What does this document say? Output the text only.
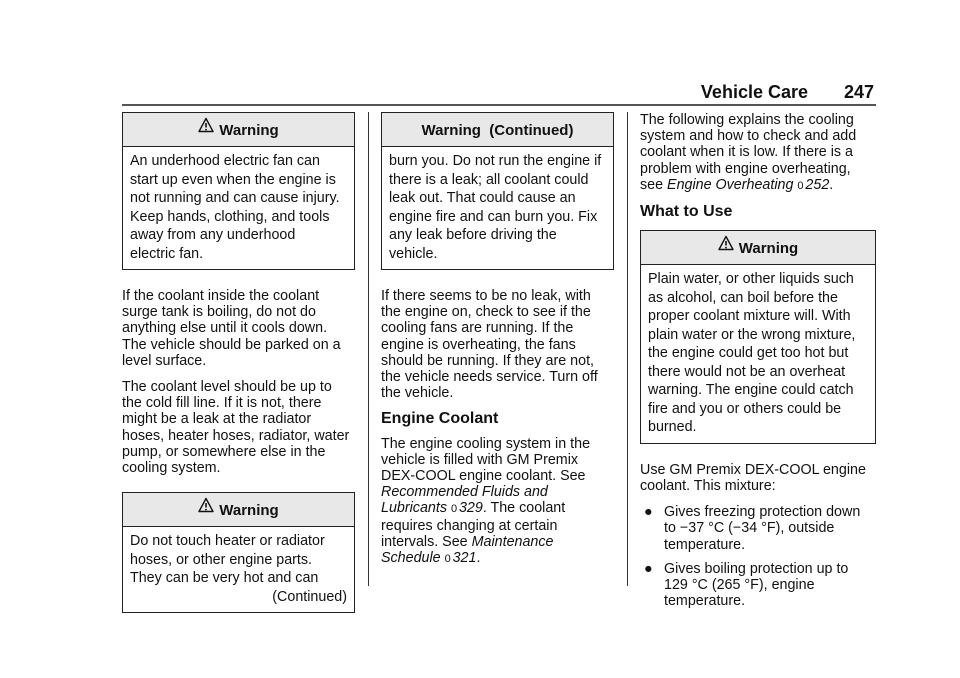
Vehicle Care 247
Warning
An underhood electric fan can
start up even when the engine is
not running and can cause injury.
Keep hands, clothing, and tools
away from any underhood
electric fan.

If the coolant inside the coolant surge tank is boiling, do not do anything else until it cools down. The vehicle should be parked on a level surface.

The coolant level should be up to the cold fill line. If it is not, there might be a leak at the radiator hoses, heater hoses, radiator, water pump, or somewhere else in the cooling system.

Warning
Do not touch heater or radiator
hoses, or other engine parts.
They can be very hot and can
(Continued)
Warning  (Continued)
burn you. Do not run the engine if
there is a leak; all coolant could
leak out. That could cause an
engine fire and can burn you. Fix
any leak before driving the
vehicle.

If there seems to be no leak, with the engine on, check to see if the cooling fans are running. If the engine is overheating, the fans should be running. If they are not, the vehicle needs service. Turn off the vehicle.

Engine Coolant

The engine cooling system in the vehicle is filled with GM Premix DEX-COOL engine coolant. See Recommended Fluids and Lubricants 0 329. The coolant requires changing at certain intervals. See Maintenance Schedule 0 321.

The following explains the cooling system and how to check and add coolant when it is low. If there is a problem with engine overheating, see Engine Overheating 0 252.

What to Use
Warning
Plain water, or other liquids such
as alcohol, can boil before the
proper coolant mixture will. With
plain water or the wrong mixture,
the engine could get too hot but
there would not be an overheat
warning. The engine could catch
fire and you or others could be
burned.

Use GM Premix DEX-COOL engine coolant. This mixture:

● Gives freezing protection down to −37 °C (−34 °F), outside temperature.
● Gives boiling protection up to 129 °C (265 °F), engine temperature.
